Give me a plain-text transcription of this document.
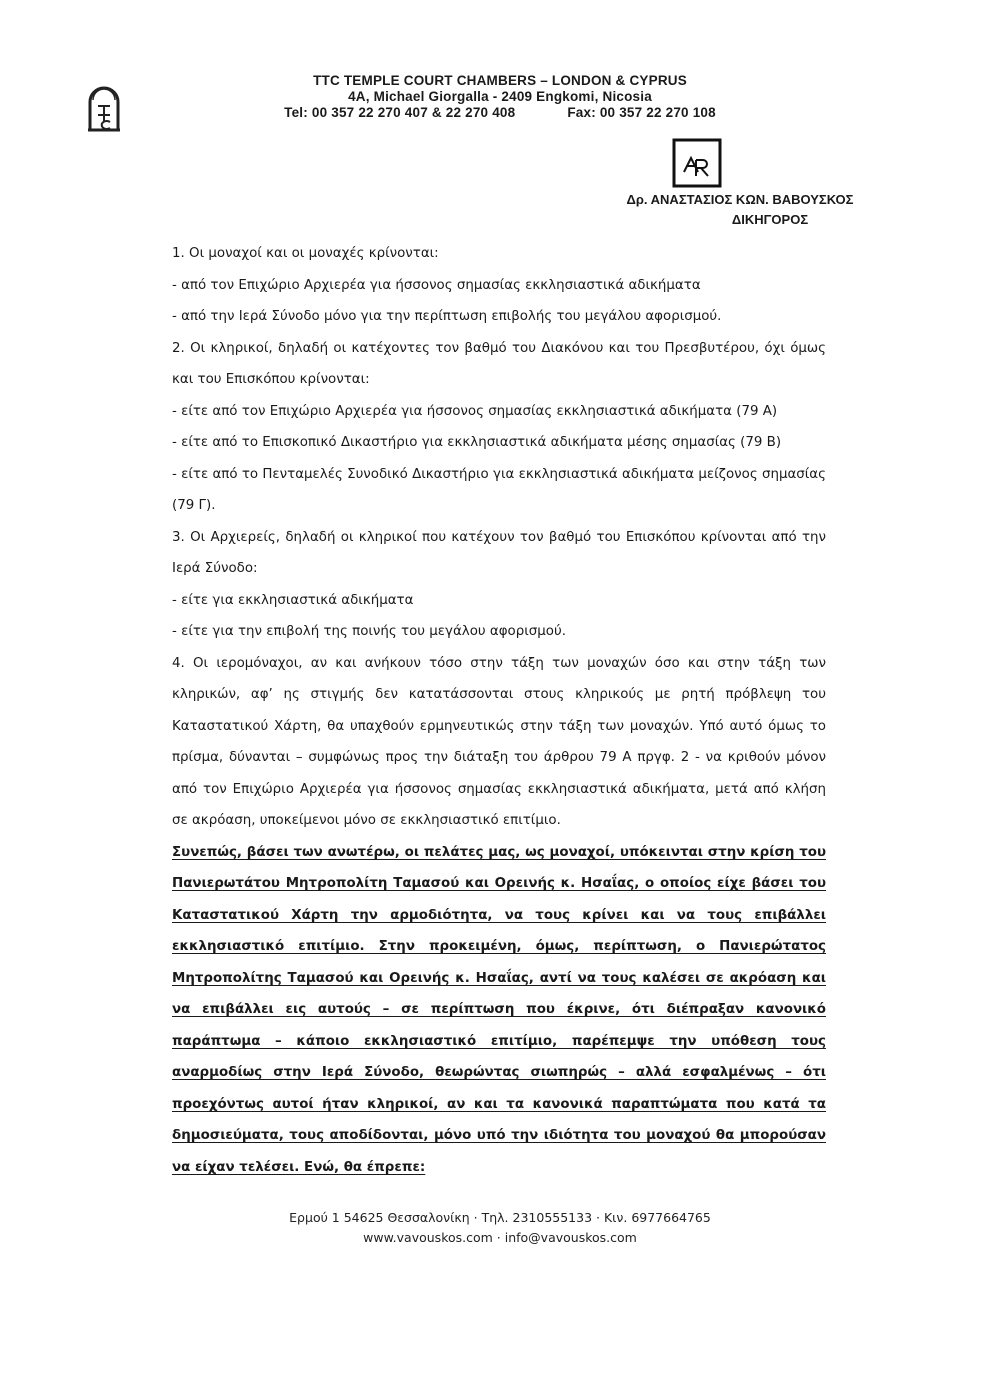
TTC TEMPLE COURT CHAMBERS – LONDON & CYPRUS
4A, Michael Giorgalla - 2409 Engkomi, Nicosia
Tel: 00 357 22 270 407 & 22 270 408	Fax: 00 357 22 270 108
Δρ. ΑΝΑΣΤΑΣΙΟΣ ΚΩΝ. ΒΑΒΟΥΣΚΟΣ
ΔΙΚΗΓΟΡΟΣ

1. Οι μοναχοί και οι μοναχές κρίνονται:

- από τον Επιχώριο Αρχιερέα για ήσσονος σημασίας εκκλησιαστικά αδικήματα

- από την Ιερά Σύνοδο μόνο για την περίπτωση επιβολής του μεγάλου αφορισμού.

2. Οι κληρικοί, δηλαδή οι κατέχοντες τον βαθμό του Διακόνου και του Πρεσβυτέρου, όχι όμως και του Επισκόπου κρίνονται:

- είτε από τον Επιχώριο Αρχιερέα για ήσσονος σημασίας εκκλησιαστικά αδικήματα (79 Α)

- είτε από το Επισκοπικό Δικαστήριο για εκκλησιαστικά αδικήματα μέσης σημασίας (79 Β)

- είτε από το Πενταμελές Συνοδικό Δικαστήριο για εκκλησιαστικά αδικήματα μείζονος σημασίας (79 Γ).

3. Οι Αρχιερείς, δηλαδή οι κληρικοί που κατέχουν τον βαθμό του Επισκόπου κρίνονται από την Ιερά Σύνοδο:

- είτε για εκκλησιαστικά αδικήματα

- είτε για την επιβολή της ποινής του μεγάλου αφορισμού.

4. Οι ιερομόναχοι, αν και ανήκουν τόσο στην τάξη των μοναχών όσο και στην τάξη των κληρικών, αφ’ ης στιγμής δεν κατατάσσονται στους κληρικούς με ρητή πρόβλεψη του Καταστατικού Χάρτη, θα υπαχθούν ερμηνευτικώς στην τάξη των μοναχών. Υπό αυτό όμως το πρίσμα, δύνανται – συμφώνως προς την διάταξη του άρθρου 79 Α πργφ. 2 - να κριθούν μόνον από τον Επιχώριο Αρχιερέα για ήσσονος σημασίας εκκλησιαστικά αδικήματα, μετά από κλήση σε ακρόαση, υποκείμενοι μόνο σε εκκλησιαστικό επιτίμιο.

Συνεπώς, βάσει των ανωτέρω, οι πελάτες μας, ως μοναχοί, υπόκεινται στην κρίση του Πανιερωτάτου Μητροπολίτη Ταμασού και Ορεινής κ. Ησαΐας, ο οποίος είχε βάσει του Καταστατικού Χάρτη την αρμοδιότητα, να τους κρίνει και να τους επιβάλλει εκκλησιαστικό επιτίμιο. Στην προκειμένη, όμως, περίπτωση, ο Πανιερώτατος Μητροπολίτης Ταμασού και Ορεινής κ. Ησαΐας, αντί να τους καλέσει σε ακρόαση και να επιβάλλει εις αυτούς – σε περίπτωση που έκρινε, ότι διέπραξαν κανονικό παράπτωμα – κάποιο εκκλησιαστικό επιτίμιο, παρέπεμψε την υπόθεση τους αναρμοδίως στην Ιερά Σύνοδο, θεωρώντας σιωπηρώς – αλλά εσφαλμένως – ότι προεχόντως αυτοί ήταν κληρικοί, αν και τα κανονικά παραπτώματα που κατά τα δημοσιεύματα, τους αποδίδονται, μόνο υπό την ιδιότητα του μοναχού θα μπορούσαν να είχαν τελέσει. Ενώ, θα έπρεπε:

Ερμού 1 54625 Θεσσαλονίκη · Τηλ. 2310555133 · Κιν. 6977664765
www.vavouskos.com · info@vavouskos.com
